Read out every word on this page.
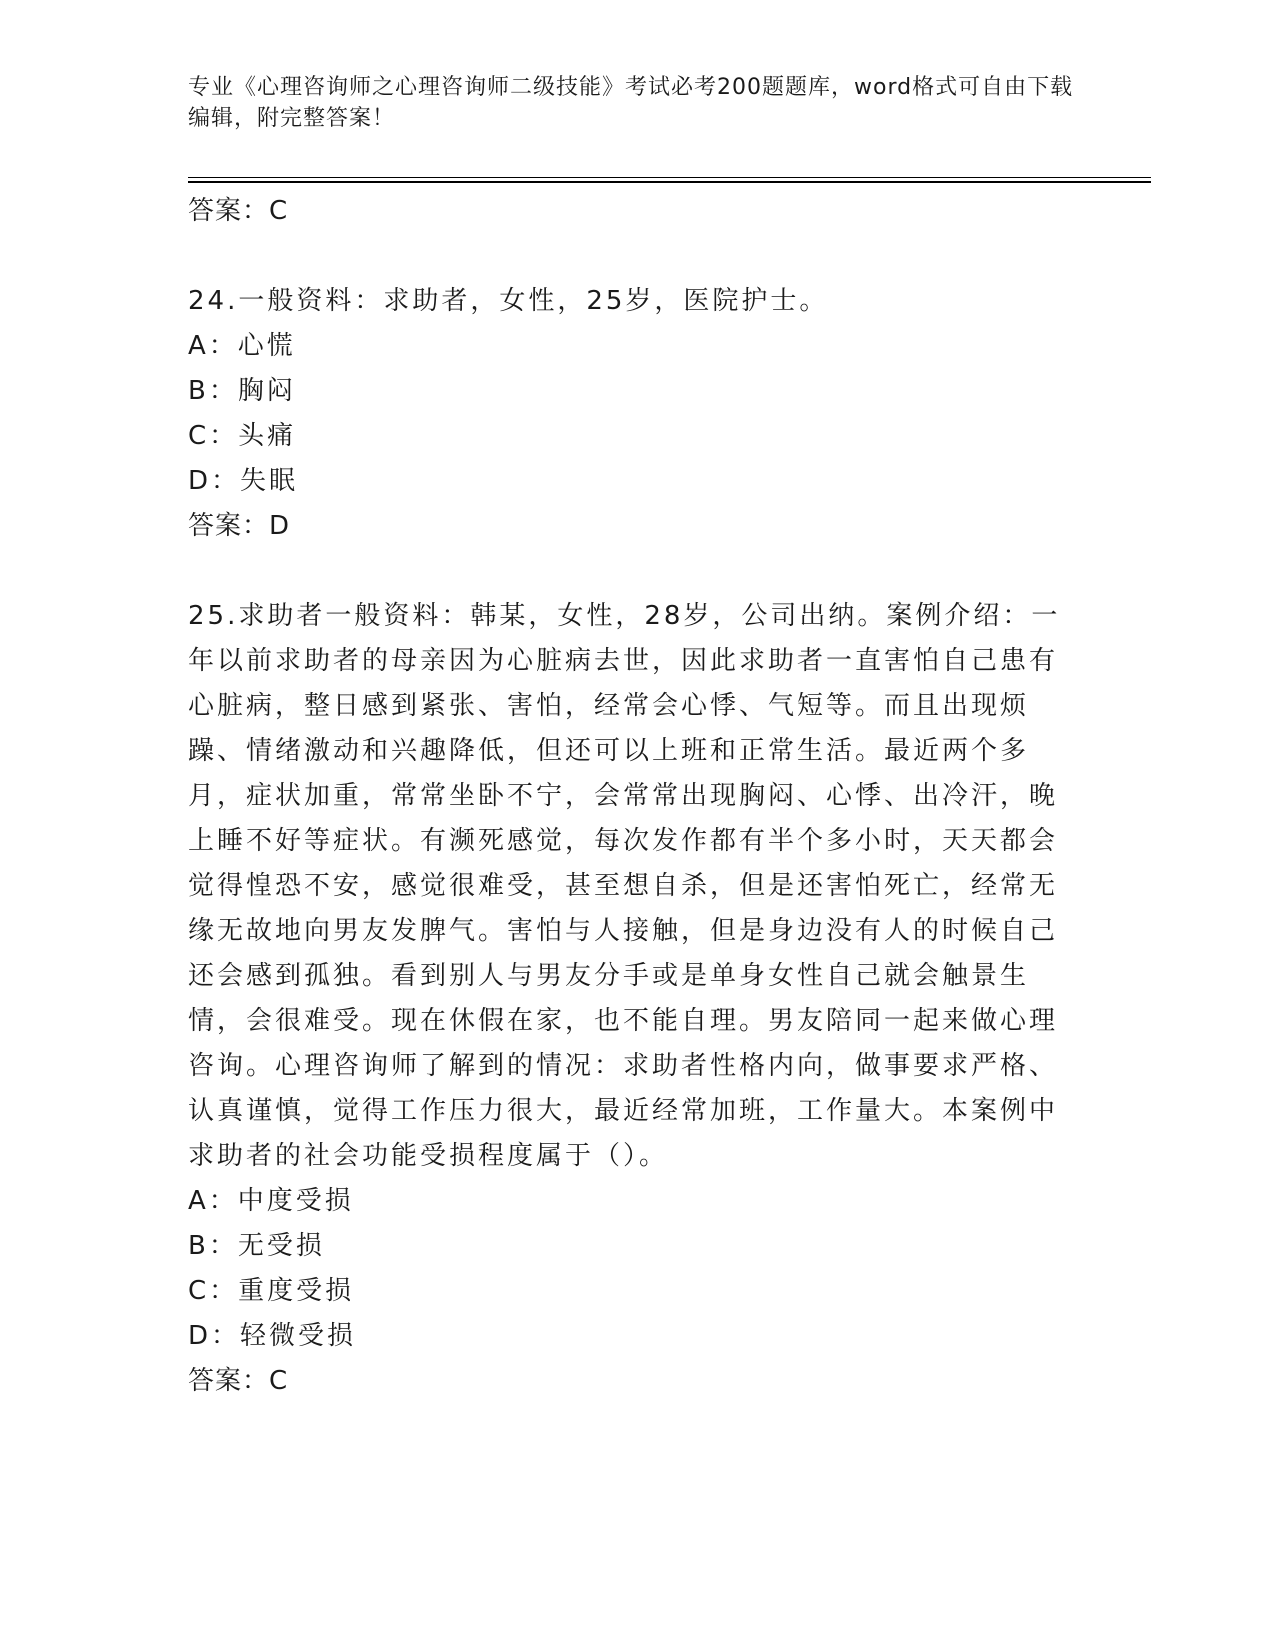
专业《心理咨询师之心理咨询师二级技能》考试必考200题题库，word格式可自由下载编辑，附完整答案！
答案：C
24.一般资料：求助者，女性，25岁，医院护士。
A：心慌
B：胸闷
C：头痛
D：失眠
答案：D
25.求助者一般资料：韩某，女性，28岁，公司出纳。案例介绍：一年以前求助者的母亲因为心脏病去世，因此求助者一直害怕自己患有心脏病，整日感到紧张、害怕，经常会心悸、气短等。而且出现烦躁、情绪激动和兴趣降低，但还可以上班和正常生活。最近两个多月，症状加重，常常坐卧不宁，会常常出现胸闷、心悸、出冷汗，晚上睡不好等症状。有濒死感觉，每次发作都有半个多小时，天天都会觉得惶恐不安，感觉很难受，甚至想自杀，但是还害怕死亡，经常无缘无故地向男友发脾气。害怕与人接触，但是身边没有人的时候自己还会感到孤独。看到别人与男友分手或是单身女性自己就会触景生情，会很难受。现在休假在家，也不能自理。男友陪同一起来做心理咨询。心理咨询师了解到的情况：求助者性格内向，做事要求严格、认真谨慎，觉得工作压力很大，最近经常加班，工作量大。本案例中求助者的社会功能受损程度属于（）。
A：中度受损
B：无受损
C：重度受损
D：轻微受损
答案：C
